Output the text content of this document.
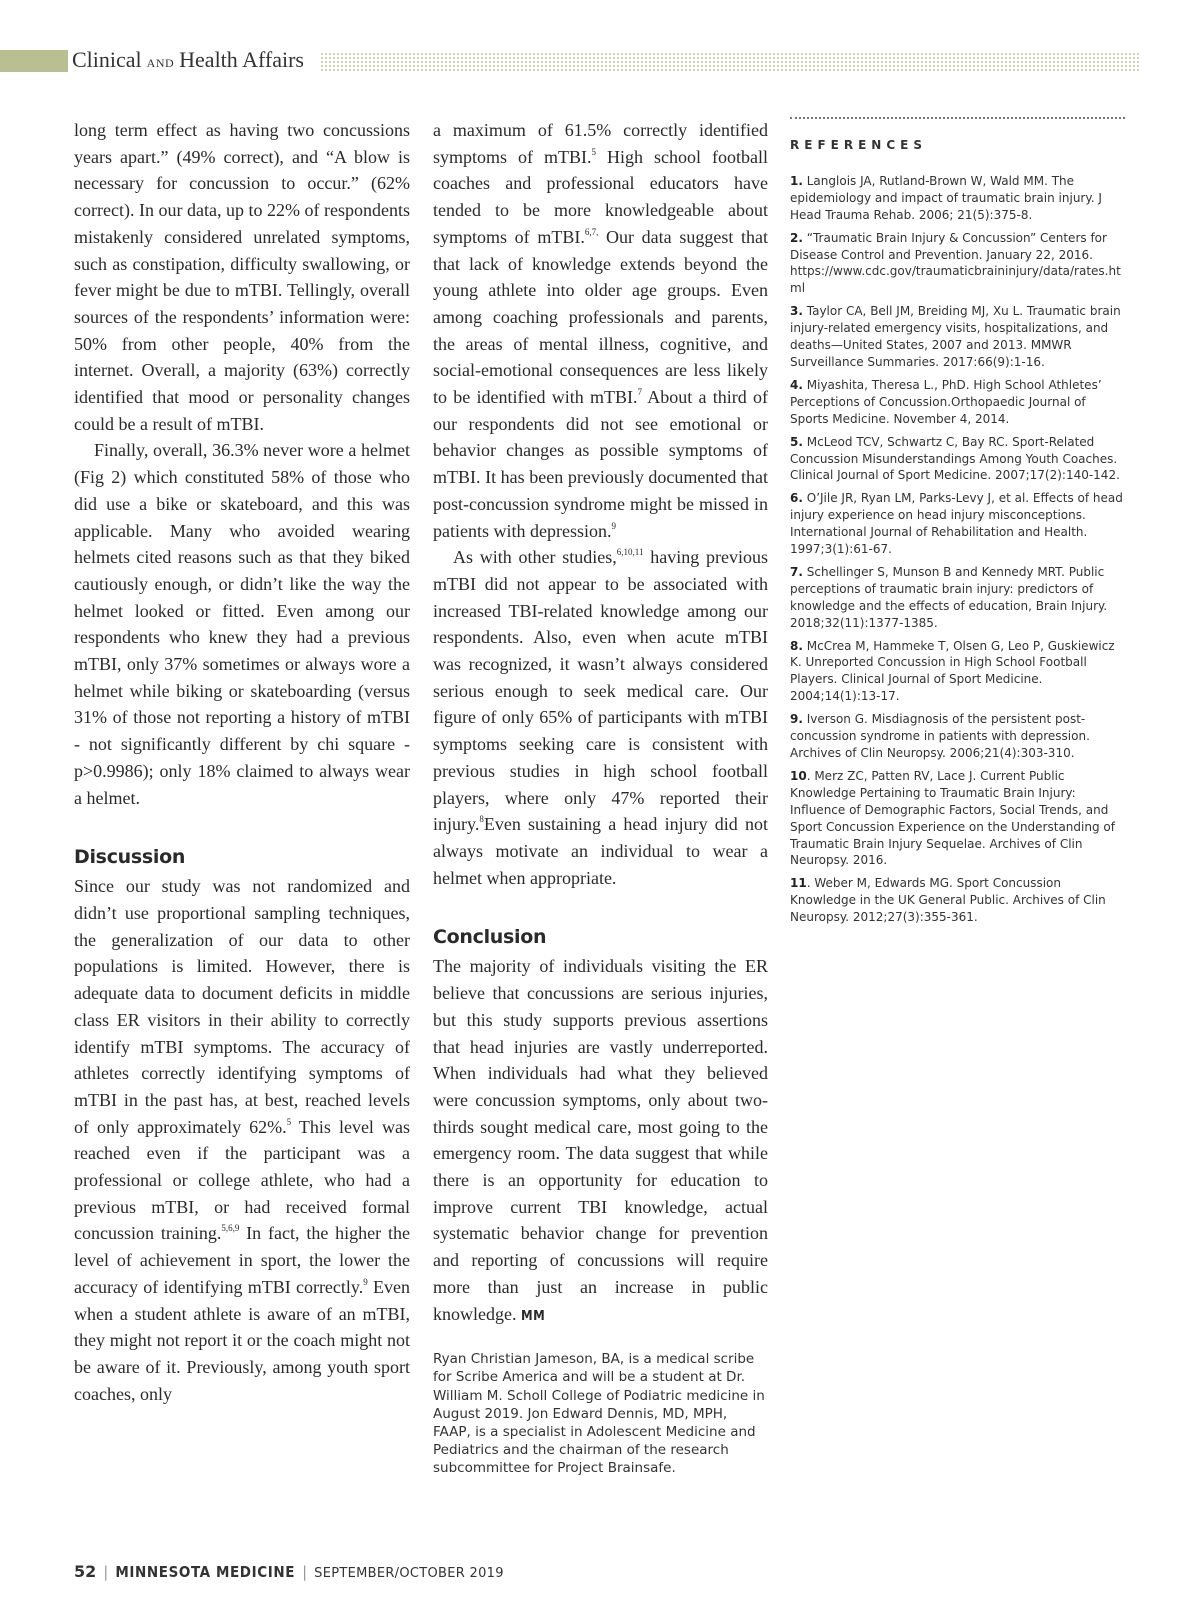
Clinical AND Health Affairs

long term effect as having two concussions years apart.” (49% correct), and “A blow is necessary for concussion to occur.” (62% correct). In our data, up to 22% of respondents mistakenly considered unrelated symptoms, such as constipation, difficulty swallowing, or fever might be due to mTBI. Tellingly, overall sources of the respondents’ information were: 50% from other people, 40% from the internet. Overall, a majority (63%) correctly identified that mood or personality changes could be a result of mTBI.

Finally, overall, 36.3% never wore a helmet (Fig 2) which constituted 58% of those who did use a bike or skateboard, and this was applicable. Many who avoided wearing helmets cited reasons such as that they biked cautiously enough, or didn’t like the way the helmet looked or fitted. Even among our respondents who knew they had a previous mTBI, only 37% sometimes or always wore a helmet while biking or skateboarding (versus 31% of those not reporting a history of mTBI - not significantly different by chi square - p>0.9986); only 18% claimed to always wear a helmet.

Discussion

Since our study was not randomized and didn’t use proportional sampling techniques, the generalization of our data to other populations is limited. However, there is adequate data to document deficits in middle class ER visitors in their ability to correctly identify mTBI symptoms. The accuracy of athletes correctly identifying symptoms of mTBI in the past has, at best, reached levels of only approximately 62%.$^5$ This level was reached even if the participant was a professional or college athlete, who had a previous mTBI, or had received formal concussion training.$^{5,6,9}$ In fact, the higher the level of achievement in sport, the lower the accuracy of identifying mTBI correctly.$^9$ Even when a student athlete is aware of an mTBI, they might not report it or the coach might not be aware of it. Previously, among youth sport coaches, only

a maximum of 61.5% correctly identified symptoms of mTBI.$^5$ High school football coaches and professional educators have tended to be more knowledgeable about symptoms of mTBI.$^{6,7,}$ Our data suggest that that lack of knowledge extends beyond the young athlete into older age groups. Even among coaching professionals and parents, the areas of mental illness, cognitive, and social-emotional consequences are less likely to be identified with mTBI.$^7$ About a third of our respondents did not see emotional or behavior changes as possible symptoms of mTBI. It has been previously documented that post-concussion syndrome might be missed in patients with depression.$^9$

As with other studies,$^{6,10,11}$ having previous mTBI did not appear to be associated with increased TBI-related knowledge among our respondents. Also, even when acute mTBI was recognized, it wasn’t always considered serious enough to seek medical care. Our figure of only 65% of participants with mTBI symptoms seeking care is consistent with previous studies in high school football players, where only 47% reported their injury.$^8$Even sustaining a head injury did not always motivate an individual to wear a helmet when appropriate.

Conclusion

The majority of individuals visiting the ER believe that concussions are serious injuries, but this study supports previous assertions that head injuries are vastly underreported. When individuals had what they believed were concussion symptoms, only about two-thirds sought medical care, most going to the emergency room. The data suggest that while there is an opportunity for education to improve current TBI knowledge, actual systematic behavior change for prevention and reporting of concussions will require more than just an increase in public knowledge. MM

Ryan Christian Jameson, BA, is a medical scribe for Scribe America and will be a student at Dr. William M. Scholl College of Podiatric medicine in August 2019. Jon Edward Dennis, MD, MPH, FAAP, is a specialist in Adolescent Medicine and Pediatrics and the chairman of the research subcommittee for Project Brainsafe.

REFERENCES

1. Langlois JA, Rutland-Brown W, Wald MM. The epidemiology and impact of traumatic brain injury. J Head Trauma Rehab. 2006; 21(5):375-8.

2. “Traumatic Brain Injury & Concussion” Centers for Disease Control and Prevention. January 22, 2016. https://www.cdc.gov/traumaticbraininjury/data/rates.html

3. Taylor CA, Bell JM, Breiding MJ, Xu L. Traumatic brain injury-related emergency visits, hospitalizations, and deaths—United States, 2007 and 2013. MMWR Surveillance Summaries. 2017:66(9):1-16.

4. Miyashita, Theresa L., PhD. High School Athletes’ Perceptions of Concussion.Orthopaedic Journal of Sports Medicine. November 4, 2014.

5. McLeod TCV, Schwartz C, Bay RC. Sport-Related Concussion Misunderstandings Among Youth Coaches. Clinical Journal of Sport Medicine. 2007;17(2):140-142.

6. O’Jile JR, Ryan LM, Parks-Levy J, et al. Effects of head injury experience on head injury misconceptions. International Journal of Rehabilitation and Health. 1997;3(1):61-67.

7. Schellinger S, Munson B and Kennedy MRT. Public perceptions of traumatic brain injury: predictors of knowledge and the effects of education, Brain Injury. 2018;32(11):1377-1385.

8. McCrea M, Hammeke T, Olsen G, Leo P, Guskiewicz K. Unreported Concussion in High School Football Players. Clinical Journal of Sport Medicine. 2004;14(1):13-17.

9. Iverson G. Misdiagnosis of the persistent post-concussion syndrome in patients with depression. Archives of Clin Neuropsy. 2006;21(4):303-310.

10. Merz ZC, Patten RV, Lace J. Current Public Knowledge Pertaining to Traumatic Brain Injury: Influence of Demographic Factors, Social Trends, and Sport Concussion Experience on the Understanding of Traumatic Brain Injury Sequelae. Archives of Clin Neuropsy. 2016.

11. Weber M, Edwards MG. Sport Concussion Knowledge in the UK General Public. Archives of Clin Neuropsy. 2012;27(3):355-361.

52 | MINNESOTA MEDICINE | SEPTEMBER/OCTOBER 2019
